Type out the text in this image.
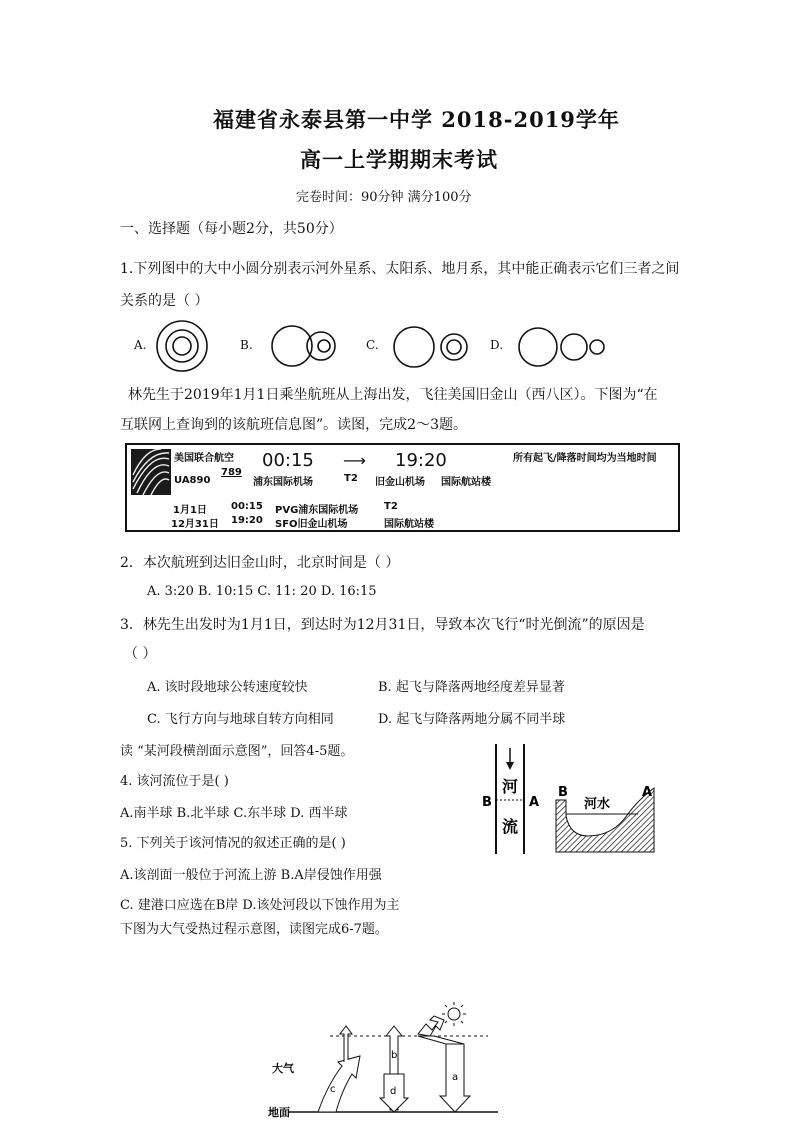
福建省永泰县第一中学 2018-2019学年
高一上学期期末考试
完卷时间：90分钟 满分100分
一、选择题（每小题2分，共50分）
1.下列图中的大中小圆分别表示河外星系、太阳系、地月系，其中能正确表示它们三者之间
关系的是（ ）
A.	B.	C.	D.
林先生于2019年1月1日乘坐航班从上海出发，飞往美国旧金山（西八区）。下图为“在
互联网上查询到的该航班信息图”。读图，完成2～3题。
美国联合航空
UA890
789
00:15 ⟶ 19:20	所有起飞/降落时间均为当地时间
浦东国际机场	T2 旧金山机场 国际航站楼
1月1日 00:15 PVG浦东国际机场	T2
12月31日 19:20 SFO旧金山机场	国际航站楼
2．本次航班到达旧金山时，北京时间是（ ）
A. 3:20 B. 10:15 C. 11: 20 D. 16:15
3．林先生出发时为1月1日，到达时为12月31日，导致本次飞行“时光倒流”的原因是
（ ）
A. 该时段地球公转速度较快	B. 起飞与降落两地经度差异显著
C. 飞行方向与地球自转方向相同	D. 起飞与降落两地分属不同半球
读 “某河段横剖面示意图”，回答4-5题。
4. 该河流位于是( )
A.南半球 B.北半球 C.东半球 D. 西半球
5. 下列关于该河情况的叙述正确的是( )
A.该剖面一般位于河流上游 B.A岸侵蚀作用强
C. 建港口应选在B岸 D.该处河段以下蚀作用为主
下图为大气受热过程示意图，读图完成6-7题。
河
流
B	A
B	A
河水
大气
地面
a
b
d
c
